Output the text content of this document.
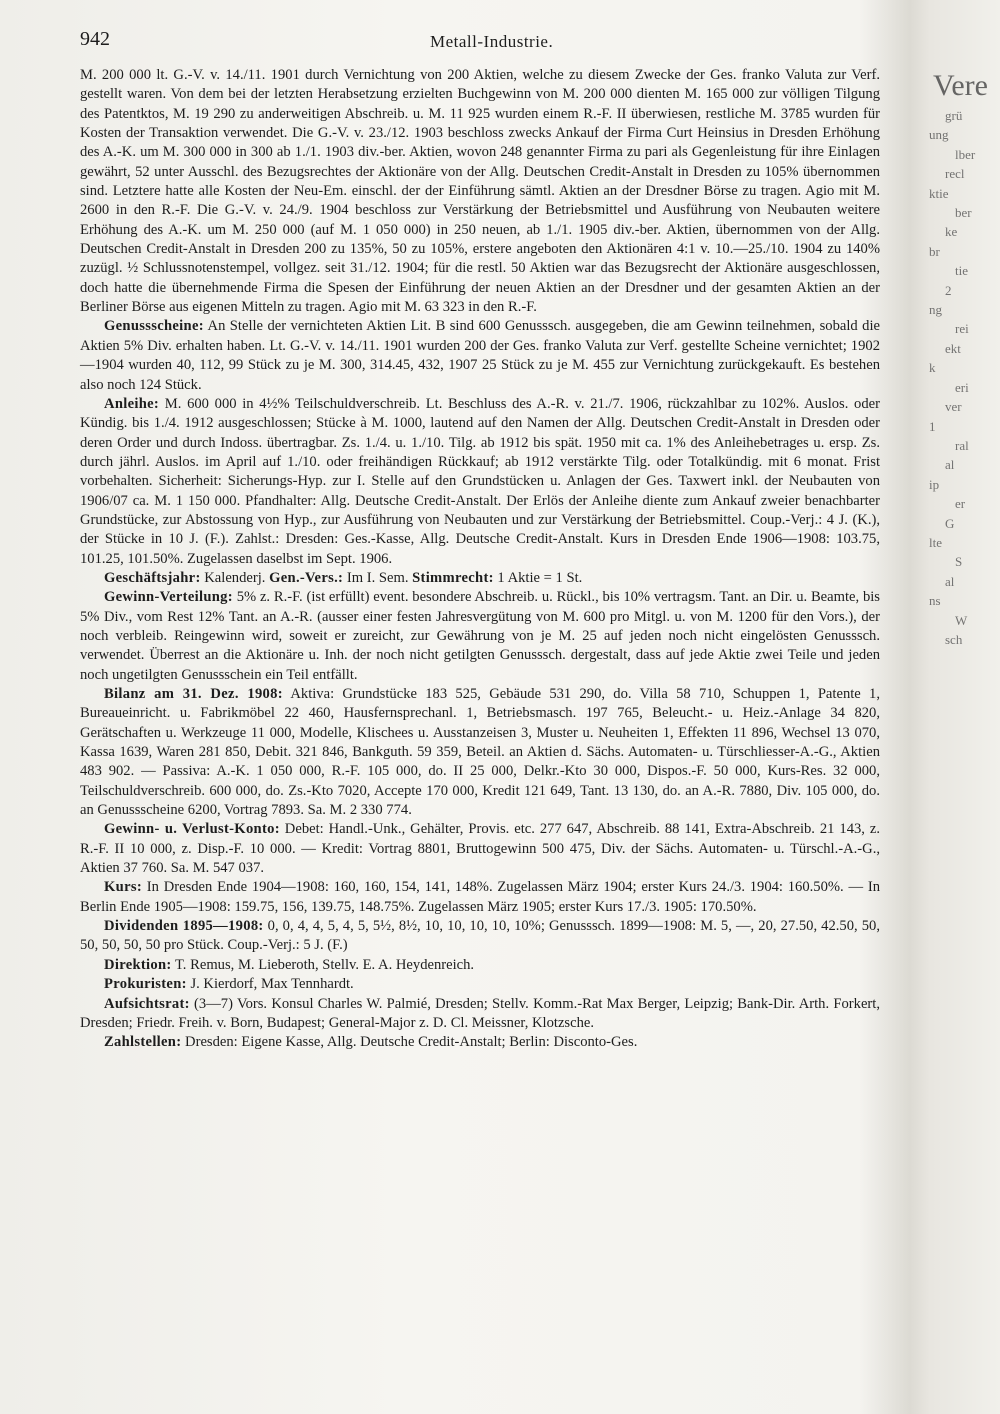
942	Metall-Industrie.

M. 200 000 lt. G.-V. v. 14./11. 1901 durch Vernichtung von 200 Aktien, welche zu diesem Zwecke der Ges. franko Valuta zur Verf. gestellt waren. Von dem bei der letzten Herabsetzung erzielten Buchgewinn von M. 200 000 dienten M. 165 000 zur völligen Tilgung des Patentktos, M. 19 290 zu anderweitigen Abschreib. u. M. 11 925 wurden einem R.-F. II überwiesen, restliche M. 3785 wurden für Kosten der Transaktion verwendet. Die G.-V. v. 23./12. 1903 beschloss zwecks Ankauf der Firma Curt Heinsius in Dresden Erhöhung des A.-K. um M. 300 000 in 300 ab 1./1. 1903 div.-ber. Aktien, wovon 248 genannter Firma zu pari als Gegenleistung für ihre Einlagen gewährt, 52 unter Ausschl. des Bezugsrechtes der Aktionäre von der Allg. Deutschen Credit-Anstalt in Dresden zu 105% übernommen sind. Letztere hatte alle Kosten der Neu-Em. einschl. der der Einführung sämtl. Aktien an der Dresdner Börse zu tragen. Agio mit M. 2600 in den R.-F. Die G.-V. v. 24./9. 1904 beschloss zur Verstärkung der Betriebsmittel und Ausführung von Neubauten weitere Erhöhung des A.-K. um M. 250 000 (auf M. 1 050 000) in 250 neuen, ab 1./1. 1905 div.-ber. Aktien, übernommen von der Allg. Deutschen Credit-Anstalt in Dresden 200 zu 135%, 50 zu 105%, erstere angeboten den Aktionären 4:1 v. 10.—25./10. 1904 zu 140% zuzügl. ½ Schlussnotenstempel, vollgez. seit 31./12. 1904; für die restl. 50 Aktien war das Bezugsrecht der Aktionäre ausgeschlossen, doch hatte die übernehmende Firma die Spesen der Einführung der neuen Aktien an der Dresdner und der gesamten Aktien an der Berliner Börse aus eigenen Mitteln zu tragen. Agio mit M. 63 323 in den R.-F.

Genussscheine: An Stelle der vernichteten Aktien Lit. B sind 600 Genusssch. ausgegeben, die am Gewinn teilnehmen, sobald die Aktien 5% Div. erhalten haben. Lt. G.-V. v. 14./11. 1901 wurden 200 der Ges. franko Valuta zur Verf. gestellte Scheine vernichtet; 1902—1904 wurden 40, 112, 99 Stück zu je M. 300, 314.45, 432, 1907 25 Stück zu je M. 455 zur Vernichtung zurückgekauft. Es bestehen also noch 124 Stück.

Anleihe: M. 600 000 in 4½% Teilschuldverschreib. Lt. Beschluss des A.-R. v. 21./7. 1906, rückzahlbar zu 102%. Auslos. oder Kündig. bis 1./4. 1912 ausgeschlossen; Stücke à M. 1000, lautend auf den Namen der Allg. Deutschen Credit-Anstalt in Dresden oder deren Order und durch Indoss. übertragbar. Zs. 1./4. u. 1./10. Tilg. ab 1912 bis spät. 1950 mit ca. 1% des Anleihebetrages u. ersp. Zs. durch jährl. Auslos. im April auf 1./10. oder freihändigen Rückkauf; ab 1912 verstärkte Tilg. oder Totalkündig. mit 6 monat. Frist vorbehalten. Sicherheit: Sicherungs-Hyp. zur I. Stelle auf den Grundstücken u. Anlagen der Ges. Taxwert inkl. der Neubauten von 1906/07 ca. M. 1 150 000. Pfandhalter: Allg. Deutsche Credit-Anstalt. Der Erlös der Anleihe diente zum Ankauf zweier benachbarter Grundstücke, zur Abstossung von Hyp., zur Ausführung von Neubauten und zur Verstärkung der Betriebsmittel. Coup.-Verj.: 4 J. (K.), der Stücke in 10 J. (F.). Zahlst.: Dresden: Ges.-Kasse, Allg. Deutsche Credit-Anstalt. Kurs in Dresden Ende 1906—1908: 103.75, 101.25, 101.50%. Zugelassen daselbst im Sept. 1906.

Geschäftsjahr: Kalenderj. Gen.-Vers.: Im I. Sem. Stimmrecht: 1 Aktie = 1 St.

Gewinn-Verteilung: 5% z. R.-F. (ist erfüllt) event. besondere Abschreib. u. Rückl., bis 10% vertragsm. Tant. an Dir. u. Beamte, bis 5% Div., vom Rest 12% Tant. an A.-R. (ausser einer festen Jahresvergütung von M. 600 pro Mitgl. u. von M. 1200 für den Vors.), der noch verbleib. Reingewinn wird, soweit er zureicht, zur Gewährung von je M. 25 auf jeden noch nicht eingelösten Genusssch. verwendet. Überrest an die Aktionäre u. Inh. der noch nicht getilgten Genusssch. dergestalt, dass auf jede Aktie zwei Teile und jeden noch ungetilgten Genussschein ein Teil entfällt.

Bilanz am 31. Dez. 1908: Aktiva: Grundstücke 183 525, Gebäude 531 290, do. Villa 58 710, Schuppen 1, Patente 1, Bureaueinricht. u. Fabrikmöbel 22 460, Hausfernsprechanl. 1, Betriebsmasch. 197 765, Beleucht.- u. Heiz.-Anlage 34 820, Gerätschaften u. Werkzeuge 11 000, Modelle, Klischees u. Ausstanzeisen 3, Muster u. Neuheiten 1, Effekten 11 896, Wechsel 13 070, Kassa 1639, Waren 281 850, Debit. 321 846, Bankguth. 59 359, Beteil. an Aktien d. Sächs. Automaten- u. Türschliesser-A.-G., Aktien 483 902. — Passiva: A.-K. 1 050 000, R.-F. 105 000, do. II 25 000, Delkr.-Kto 30 000, Dispos.-F. 50 000, Kurs-Res. 32 000, Teilschuldverschreib. 600 000, do. Zs.-Kto 7020, Accepte 170 000, Kredit 121 649, Tant. 13 130, do. an A.-R. 7880, Div. 105 000, do. an Genussscheine 6200, Vortrag 7893. Sa. M. 2 330 774.

Gewinn- u. Verlust-Konto: Debet: Handl.-Unk., Gehälter, Provis. etc. 277 647, Abschreib. 88 141, Extra-Abschreib. 21 143, z. R.-F. II 10 000, z. Disp.-F. 10 000. — Kredit: Vortrag 8801, Bruttogewinn 500 475, Div. der Sächs. Automaten- u. Türschl.-A.-G., Aktien 37 760. Sa. M. 547 037.

Kurs: In Dresden Ende 1904—1908: 160, 160, 154, 141, 148%. Zugelassen März 1904; erster Kurs 24./3. 1904: 160.50%. — In Berlin Ende 1905—1908: 159.75, 156, 139.75, 148.75%. Zugelassen März 1905; erster Kurs 17./3. 1905: 170.50%.

Dividenden 1895—1908: 0, 0, 4, 4, 5, 4, 5, 5½, 8½, 10, 10, 10, 10, 10%; Genusssch. 1899—1908: M. 5, —, 20, 27.50, 42.50, 50, 50, 50, 50, 50 pro Stück. Coup.-Verj.: 5 J. (F.)

Direktion: T. Remus, M. Lieberoth, Stellv. E. A. Heydenreich.

Prokuristen: J. Kierdorf, Max Tennhardt.

Aufsichtsrat: (3—7) Vors. Konsul Charles W. Palmié, Dresden; Stellv. Komm.-Rat Max Berger, Leipzig; Bank-Dir. Arth. Forkert, Dresden; Friedr. Freih. v. Born, Budapest; General-Major z. D. Cl. Meissner, Klotzsche.

Zahlstellen: Dresden: Eigene Kasse, Allg. Deutsche Credit-Anstalt; Berlin: Disconto-Ges.

Vere
grü
ung
lber
recl
ktie
ber
ke
br
tie
2
ng
rei
ekt
k
eri
ver
1
ral
al
ip
er
G
lte
S
al
ns
W
sch
